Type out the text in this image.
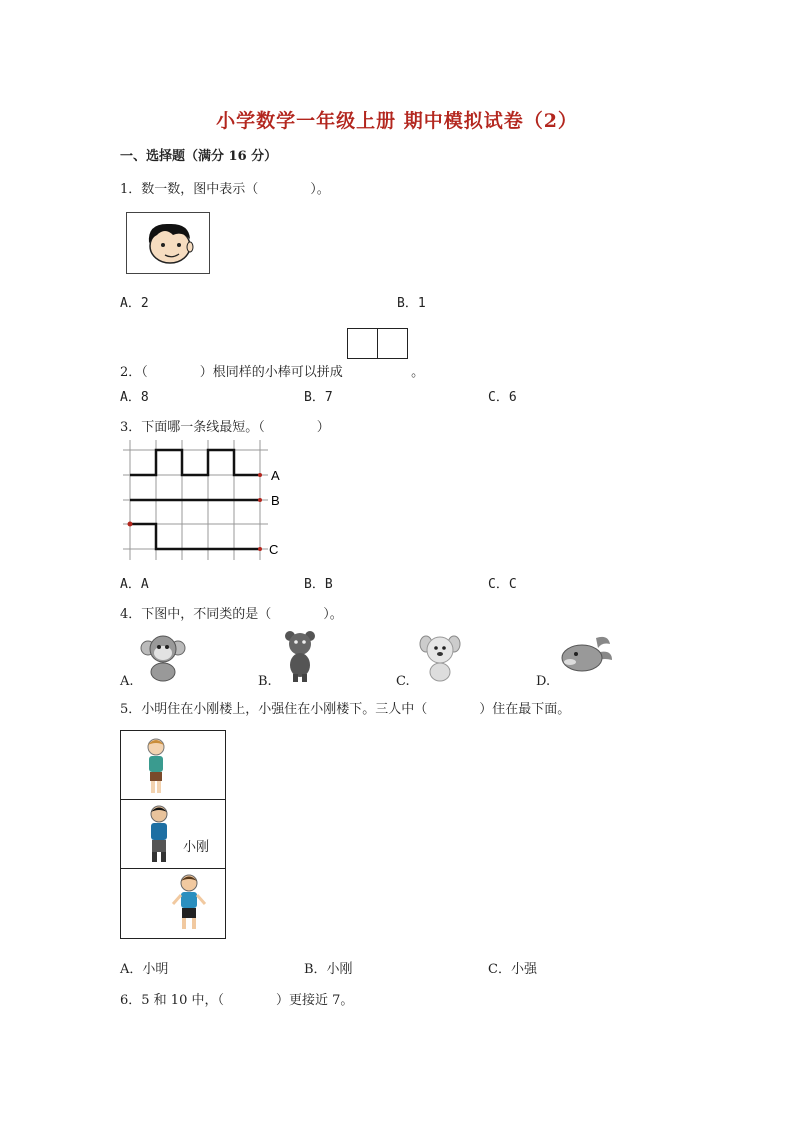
小学数学一年级上册 期中模拟试卷（2）
一、选择题（满分 16 分）
1．数一数，图中表示（　　　　）。
A．2	B．1
2．（　　　　）根同样的小棒可以拼成	。
A．8	B．7	C．6
3．下面哪一条线最短。（　　　　）
A
B
C
A．A	B．B	C．C
4．下图中，不同类的是（　　　　）。
A.	B.	C.	D.
5．小明住在小刚楼上，小强住在小刚楼下。三人中（　　　　）住在最下面。
小刚
A．小明	B．小刚	C．小强
6．5 和 10 中，（　　　　）更接近 7。
